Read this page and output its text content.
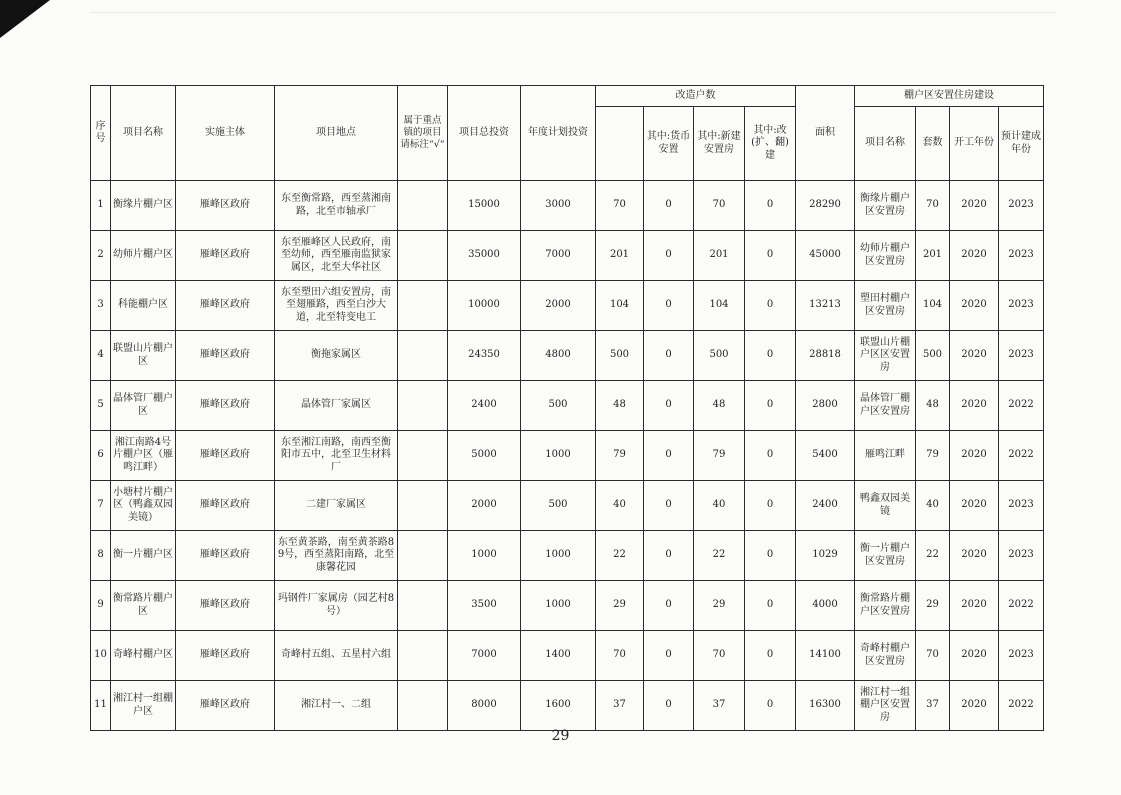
序号	项目名称	实施主体	项目地点	属于重点镇的项目请标注“√“	项目总投资	年度计划投资	改造户数				面积	棚户区安置住房建设			
								其中:货币安置	其中:新建安置房	其中:改(扩、翻)建		项目名称	套数	开工年份	预计建成年份
1	衡缘片棚户区	雁峰区政府	东至衡常路，西至蒸湘南路，北至市轴承厂		15000	3000	70	0	70	0	28290	衡缘片棚户区安置房	70	2020	2023
2	幼师片棚户区	雁峰区政府	东至雁峰区人民政府，南至幼师，西至雁南监狱家属区，北至大华社区		35000	7000	201	0	201	0	45000	幼师片棚户区安置房	201	2020	2023
3	科能棚户区	雁峰区政府	东至塑田六组安置房，南至翅雁路，西至白沙大道，北至特变电工		10000	2000	104	0	104	0	13213	塑田村棚户区安置房	104	2020	2023
4	联盟山片棚户区	雁峰区政府	衡拖家属区		24350	4800	500	0	500	0	28818	联盟山片棚户区区安置房	500	2020	2023
5	晶体管厂棚户区	雁峰区政府	晶体管厂家属区		2400	500	48	0	48	0	2800	晶体管厂棚户区安置房	48	2020	2022
6	湘江南路4号片棚户区（雁鸣江畔）	雁峰区政府	东至湘江南路，南西至衡阳市五中，北至卫生材料厂		5000	1000	79	0	79	0	5400	雁鸣江畔	79	2020	2022
7	小塘村片棚户区（鸭鑫双园美镜）	雁峰区政府	二建厂家属区		2000	500	40	0	40	0	2400	鸭鑫双园美镜	40	2020	2023
8	衡一片棚户区	雁峰区政府	东至黄茶路，南至黄茶路89号，西至蒸阳南路，北至康馨花园		1000	1000	22	0	22	0	1029	衡一片棚户区安置房	22	2020	2023
9	衡常路片棚户区	雁峰区政府	玛钢件厂家属房（园艺村8号）		3500	1000	29	0	29	0	4000	衡常路片棚户区安置房	29	2020	2022
10	奇峰村棚户区	雁峰区政府	奇峰村五组、五星村六组		7000	1400	70	0	70	0	14100	奇峰村棚户区安置房	70	2020	2023
11	湘江村一组棚户区	雁峰区政府	湘江村一、二组		8000	1600	37	0	37	0	16300	湘江村一组棚户区安置房	37	2020	2022
29
